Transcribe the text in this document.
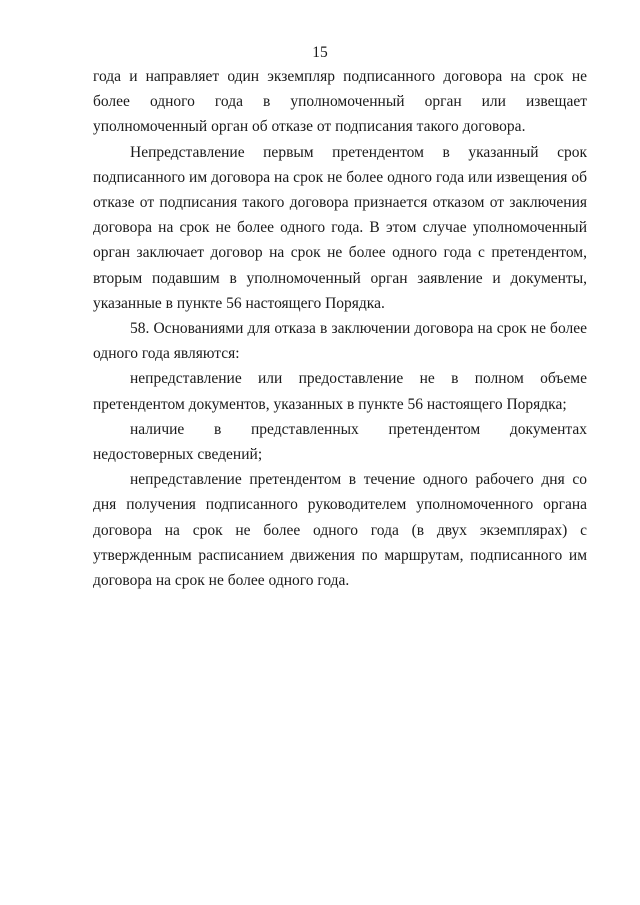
15

года и направляет один экземпляр подписанного договора на срок не более одного года в уполномоченный орган или извещает уполномоченный орган об отказе от подписания такого договора.

Непредставление первым претендентом в указанный срок подписанного им договора на срок не более одного года или извещения об отказе от подписания такого договора признается отказом от заключения договора на срок не более одного года. В этом случае уполномоченный орган заключает договор на срок не более одного года с претендентом, вторым подавшим в уполномоченный орган заявление и документы, указанные в пункте 56 настоящего Порядка.

58. Основаниями для отказа в заключении договора на срок не более одного года являются:

непредставление или предоставление не в полном объеме претендентом документов, указанных в пункте 56 настоящего Порядка;

наличие в представленных претендентом документах недостоверных сведений;

непредставление претендентом в течение одного рабочего дня со дня получения подписанного руководителем уполномоченного органа договора на срок не более одного года (в двух экземплярах) с утвержденным расписанием движения по маршрутам, подписанного им договора на срок не более одного года.
